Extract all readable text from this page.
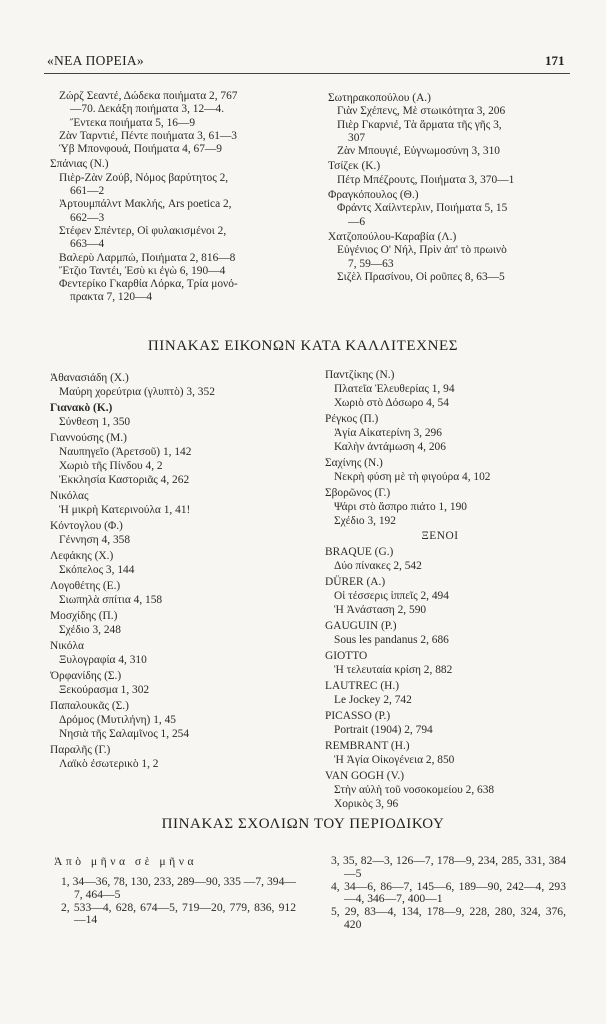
«ΝΕΑ ΠΟΡΕΙΑ»	171
Ζώρζ Σεαντέ, Δώδεκα ποιήματα 2, 767
—70. Δεκάξη ποιήματα 3, 12—4.
Ἔντεκα ποιήματα 5, 16—9
Ζὰν Ταρντιέ, Πέντε ποιήματα 3, 61—3
Ὑβ Μπονφουά, Ποιήματα 4, 67—9
Σπάνιας (Ν.)
Πιὲρ-Ζὰν Ζούβ, Νόμος βαρύτητος 2,
661—2
Ἀρτουμπάλντ Μακλής, Ars poetica 2,
662—3
Στέφεν Σπέντερ, Οἱ φυλακισμένοι 2,
663—4
Βαλερὺ Λαρμπώ, Ποιήματα 2, 816—8
Ἔτζιο Ταντέι, Ἐσὺ κι ἐγὼ 6, 190—4
Φεντερίκο Γκαρθία Λόρκα, Τρία μονό-
πρακτα 7, 120—4
Σωτηρακοπούλου (Α.)
Γιὰν Σχέπενς, Μὲ στωικότητα 3, 206
Πιὲρ Γκαρνιέ, Τὰ ἅρματα τῆς γῆς 3,
307
Ζὰν Μπουγιέ, Εὐγνωμοσύνη 3, 310
Τσίζεκ (Κ.)
Πέτρ Μπέζρουτς, Ποιήματα 3, 370—1
Φραγκόπουλος (Θ.)
Φράντς Χαίλντερλιν, Ποιήματα 5, 15
—6
Χατζοπούλου-Καραβία (Λ.)
Εὐγένιος Ο' Νήλ, Πρὶν ἀπ' τὸ πρωινὸ
7, 59—63
Σιζὲλ Πρασίνου, Οἱ ροῦπες 8, 63—5
ΠΙΝΑΚΑΣ ΕΙΚΟΝΩΝ ΚΑΤΑ ΚΑΛΛΙΤΕΧΝΕΣ
Ἀθανασιάδη (Χ.)
Μαύρη χορεύτρια (γλυπτὸ) 3, 352
Γιανακὸ (Κ.)
Σύνθεση 1, 350
Γιαννούσης (Μ.)
Ναυπηγεῖο (Ἀρετσοῦ) 1, 142
Χωριὸ τῆς Πίνδου 4, 2
Ἐκκλησία Καστοριᾶς 4, 262
Νικόλας
Ἡ μικρὴ Κατερινούλα 1, 41!
Κόντογλου (Φ.)
Γέννηση 4, 358
Λεφάκης (Χ.)
Σκόπελος 3, 144
Λογοθέτης (Ε.)
Σιωπηλὰ σπίτια 4, 158
Μοσχίδης (Π.)
Σχέδιο 3, 248
Νικόλα
Ξυλογραφία 4, 310
Ὀρφανίδης (Σ.)
Ξεκούρασμα 1, 302
Παπαλουκᾶς (Σ.)
Δρόμος (Μυτιλήνη) 1, 45
Νησιὰ τῆς Σαλαμῖνος 1, 254
Παραλῆς (Γ.)
Λαϊκὸ ἐσωτερικὸ 1, 2
Παντζίκης (Ν.)
Πλατεῖα Ἐλευθερίας 1, 94
Χωριὸ στὸ Δόσωρο 4, 54
Ρέγκος (Π.)
Ἁγία Αἰκατερίνη 3, 296
Καλὴν ἀντάμωση 4, 206
Σαχίνης (Ν.)
Νεκρὴ φύση μὲ τὴ φιγούρα 4, 102
Σβορῶνος (Γ.)
Ψάρι στὸ ἄσπρο πιάτο 1, 190
Σχέδιο 3, 192
ΞΕΝΟΙ
BRAQUE (G.)
Δύο πίνακες 2, 542
DÜRER (A.)
Οἱ τέσσερις ἱππεῖς 2, 494
Ἡ Ἀνάσταση 2, 590
GAUGUIN (P.)
Sous les pandanus 2, 686
GIOTTO
Ἡ τελευταία κρίση 2, 882
LAUTREC (H.)
Le Jockey 2, 742
PICASSO (P.)
Portrait (1904) 2, 794
REMBRANT (H.)
Ἡ Ἁγία Οἰκογένεια 2, 850
VAN GOGH (V.)
Στὴν αὐλὴ τοῦ νοσοκομείου 2, 638
Χορικὸς 3, 96
ΠΙΝΑΚΑΣ ΣΧΟΛΙΩΝ ΤΟΥ ΠΕΡΙΟΔΙΚΟΥ
Ἀπὸ μῆνα σὲ μῆνα

1, 34—36, 78, 130, 233, 289—90, 335 —7, 394—7, 464—5

2, 533—4, 628, 674—5, 719—20, 779, 836, 912—14

3, 35, 82—3, 126—7, 178—9, 234, 285, 331, 384—5

4, 34—6, 86—7, 145—6, 189—90, 242—4, 293—4, 346—7, 400—1

5, 29, 83—4, 134, 178—9, 228, 280, 324, 376, 420
